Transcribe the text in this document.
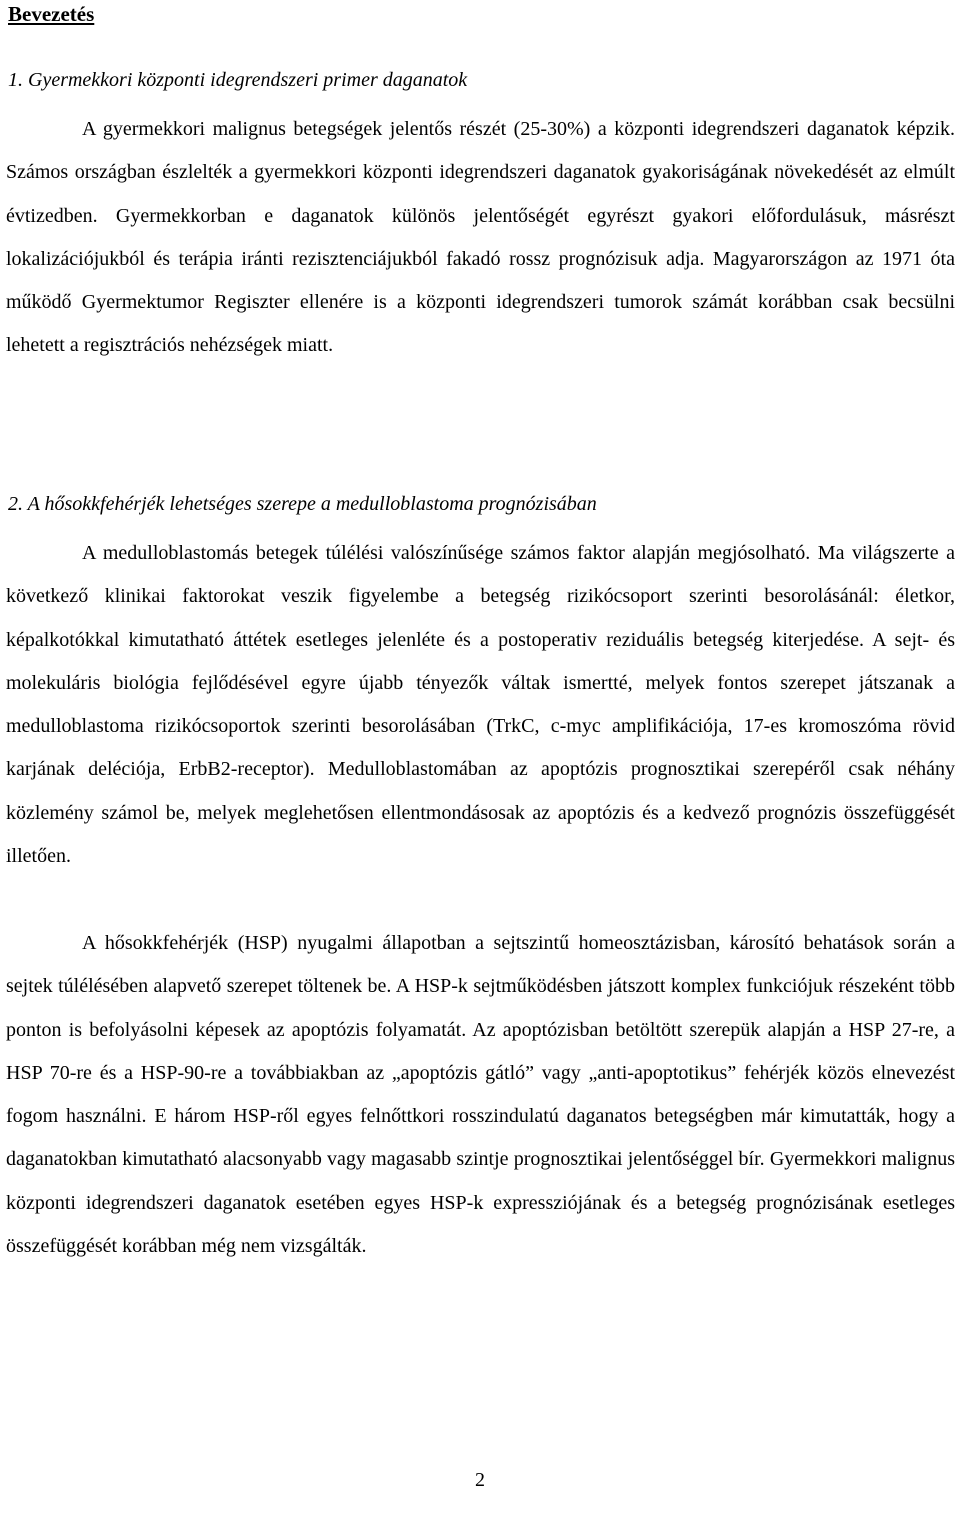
Bevezetés
1. Gyermekkori központi idegrendszeri primer daganatok

A gyermekkori malignus betegségek jelentős részét (25-30%) a központi idegrendszeri daganatok képzik. Számos országban észlelték a gyermekkori központi idegrendszeri daganatok gyakoriságának növekedését az elmúlt évtizedben. Gyermekkorban e daganatok különös jelentőségét egyrészt gyakori előfordulásuk, másrészt lokalizációjukból és terápia iránti rezisztenciájukból fakadó rossz prognózisuk adja. Magyarországon az 1971 óta működő Gyermektumor Regiszter ellenére is a központi idegrendszeri tumorok számát korábban csak becsülni lehetett a regisztrációs nehézségek miatt.

2. A hősokkfehérjék lehetséges szerepe a medulloblastoma prognózisában

A medulloblastomás betegek túlélési valószínűsége számos faktor alapján megjósolható. Ma világszerte a következő klinikai faktorokat veszik figyelembe a betegség rizikócsoport szerinti besorolásánál: életkor, képalkotókkal kimutatható áttétek esetleges jelenléte és a postoperativ reziduális betegség kiterjedése. A sejt- és molekuláris biológia fejlődésével egyre újabb tényezők váltak ismertté, melyek fontos szerepet játszanak a medulloblastoma rizikócsoportok szerinti besorolásában (TrkC, c-myc amplifikációja, 17-es kromoszóma rövid karjának deléciója, ErbB2-receptor). Medulloblastomában az apoptózis prognosztikai szerepéről csak néhány közlemény számol be, melyek meglehetősen ellentmondásosak az apoptózis és a kedvező prognózis összefüggését illetően.

A hősokkfehérjék (HSP) nyugalmi állapotban a sejtszintű homeosztázisban, károsító behatások során a sejtek túlélésében alapvető szerepet töltenek be. A HSP-k sejtműködésben játszott komplex funkciójuk részeként több ponton is befolyásolni képesek az apoptózis folyamatát. Az apoptózisban betöltött szerepük alapján a HSP 27-re, a HSP 70-re és a HSP-90-re a továbbiakban az „apoptózis gátló” vagy „anti-apoptotikus” fehérjék közös elnevezést fogom használni. E három HSP-ről egyes felnőttkori rosszindulatú daganatos betegségben már kimutatták, hogy a daganatokban kimutatható alacsonyabb vagy magasabb szintje prognosztikai jelentőséggel bír. Gyermekkori malignus központi idegrendszeri daganatok esetében egyes HSP-k expressziójának és a betegség prognózisának esetleges összefüggését korábban még nem vizsgálták.

2
